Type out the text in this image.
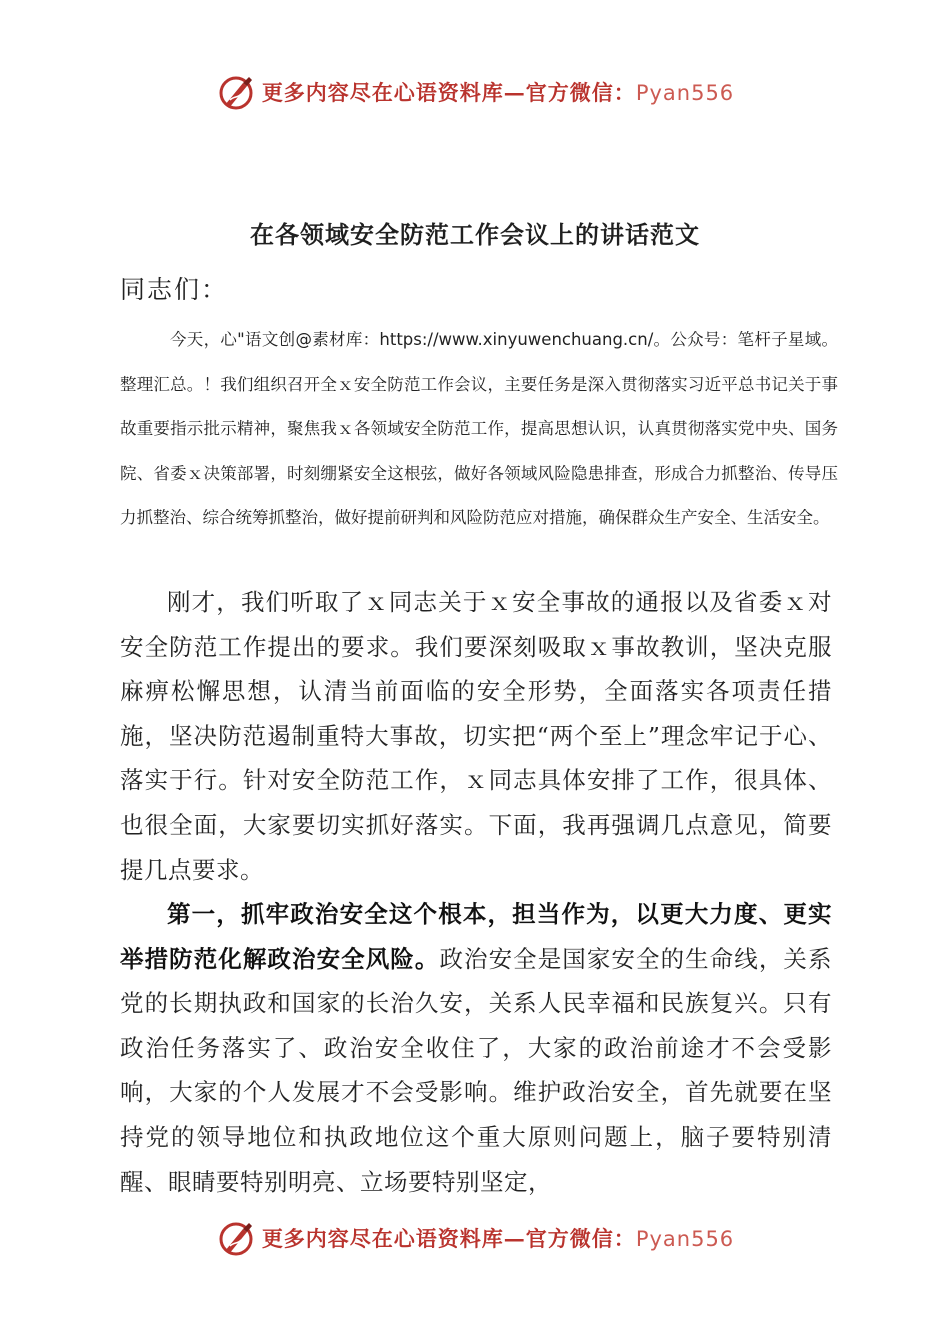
更多内容尽在心语资料库—官方微信：Pyan556
在各领域安全防范工作会议上的讲话范文
同志们：
今天，心"语文创@素材库：https://www.xinyuwenchuang.cn/。公众号：笔杆子星域。整理汇总。！我们组织召开全ｘ安全防范工作会议，主要任务是深入贯彻落实习近平总书记关于事故重要指示批示精神，聚焦我ｘ各领域安全防范工作，提高思想认识，认真贯彻落实党中央、国务院、省委ｘ决策部署，时刻绷紧安全这根弦，做好各领域风险隐患排查，形成合力抓整治、传导压力抓整治、综合统筹抓整治，做好提前研判和风险防范应对措施，确保群众生产安全、生活安全。
刚才，我们听取了ｘ同志关于ｘ安全事故的通报以及省委ｘ对安全防范工作提出的要求。我们要深刻吸取ｘ事故教训，坚决克服麻痹松懈思想，认清当前面临的安全形势，全面落实各项责任措施，坚决防范遏制重特大事故，切实把“两个至上”理念牢记于心、落实于行。针对安全防范工作，ｘ同志具体安排了工作，很具体、也很全面，大家要切实抓好落实。下面，我再强调几点意见，简要提几点要求。
第一，抓牢政治安全这个根本，担当作为，以更大力度、更实举措防范化解政治安全风险。政治安全是国家安全的生命线，关系党的长期执政和国家的长治久安，关系人民幸福和民族复兴。只有政治任务落实了、政治安全收住了，大家的政治前途才不会受影响，大家的个人发展才不会受影响。维护政治安全，首先就要在坚持党的领导地位和执政地位这个重大原则问题上，脑子要特别清醒、眼睛要特别明亮、立场要特别坚定，
更多内容尽在心语资料库—官方微信：Pyan556
